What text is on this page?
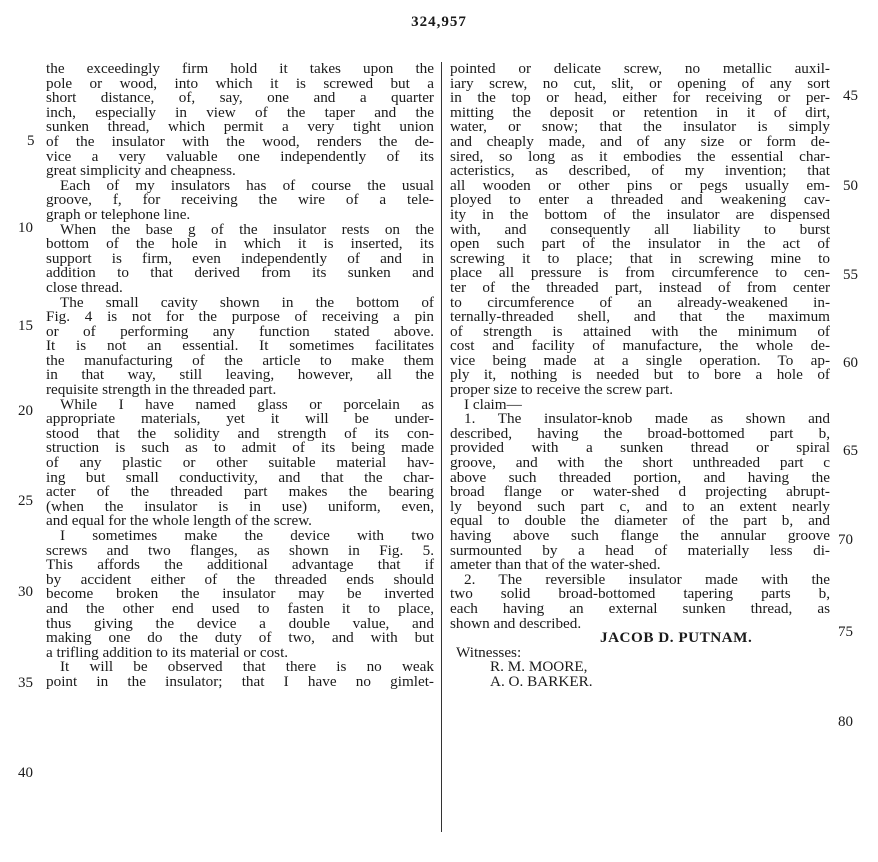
324,957
the exceedingly firm hold it takes upon the
pole or wood, into which it is screwed but a
short distance, of, say, one and a quarter
inch, especially in view of the taper and the
sunken thread, which permit a very tight union
of the insulator with the wood, renders the de-
vice a very valuable one independently of its
great simplicity and cheapness.
Each of my insulators has of course the usual
groove, f, for receiving the wire of a tele-
graph or telephone line.
When the base g of the insulator rests on the
bottom of the hole in which it is inserted, its
support is firm, even independently of and in
addition to that derived from its sunken and
close thread.
The small cavity shown in the bottom of
Fig. 4 is not for the purpose of receiving a pin
or of performing any function stated above.
It is not an essential. It sometimes facilitates
the manufacturing of the article to make them
in that way, still leaving, however, all the
requisite strength in the threaded part.
While I have named glass or porcelain as
appropriate materials, yet it will be under-
stood that the solidity and strength of its con-
struction is such as to admit of its being made
of any plastic or other suitable material hav-
ing but small conductivity, and that the char-
acter of the threaded part makes the bearing
(when the insulator is in use) uniform, even,
and equal for the whole length of the screw.
I sometimes make the device with two
screws and two flanges, as shown in Fig. 5.
This affords the additional advantage that if
by accident either of the threaded ends should
become broken the insulator may be inverted
and the other end used to fasten it to place,
thus giving the device a double value, and
making one do the duty of two, and with but
a trifling addition to its material or cost.
It will be observed that there is no weak
point in the insulator; that I have no gimlet-
pointed or delicate screw, no metallic auxil-
iary screw, no cut, slit, or opening of any sort
in the top or head, either for receiving or per-
mitting the deposit or retention in it of dirt,
water, or snow; that the insulator is simply
and cheaply made, and of any size or form de-
sired, so long as it embodies the essential char-
acteristics, as described, of my invention; that
all wooden or other pins or pegs usually em-
ployed to enter a threaded and weakening cav-
ity in the bottom of the insulator are dispensed
with, and consequently all liability to burst
open such part of the insulator in the act of
screwing it to place; that in screwing mine to
place all pressure is from circumference to cen-
ter of the threaded part, instead of from center
to circumference of an already-weakened in-
ternally-threaded shell, and that the maximum
of strength is attained with the minimum of
cost and facility of manufacture, the whole de-
vice being made at a single operation. To ap-
ply it, nothing is needed but to bore a hole of
proper size to receive the screw part.
I claim—
1. The insulator-knob made as shown and
described, having the broad-bottomed part b,
provided with a sunken thread or spiral
groove, and with the short unthreaded part c
above such threaded portion, and having the
broad flange or water-shed d projecting abrupt-
ly beyond such part c, and to an extent nearly
equal to double the diameter of the part b, and
having above such flange the annular groove
surmounted by a head of materially less di-
ameter than that of the water-shed.
2. The reversible insulator made with the
two solid broad-bottomed tapering parts b,
each having an external sunken thread, as
shown and described.
JACOB D. PUTNAM.
Witnesses:
R. M. MOORE,
A. O. BARKER.
5
10
15
20
25
30
35
40
45
50
55
60
65
70
75
80
